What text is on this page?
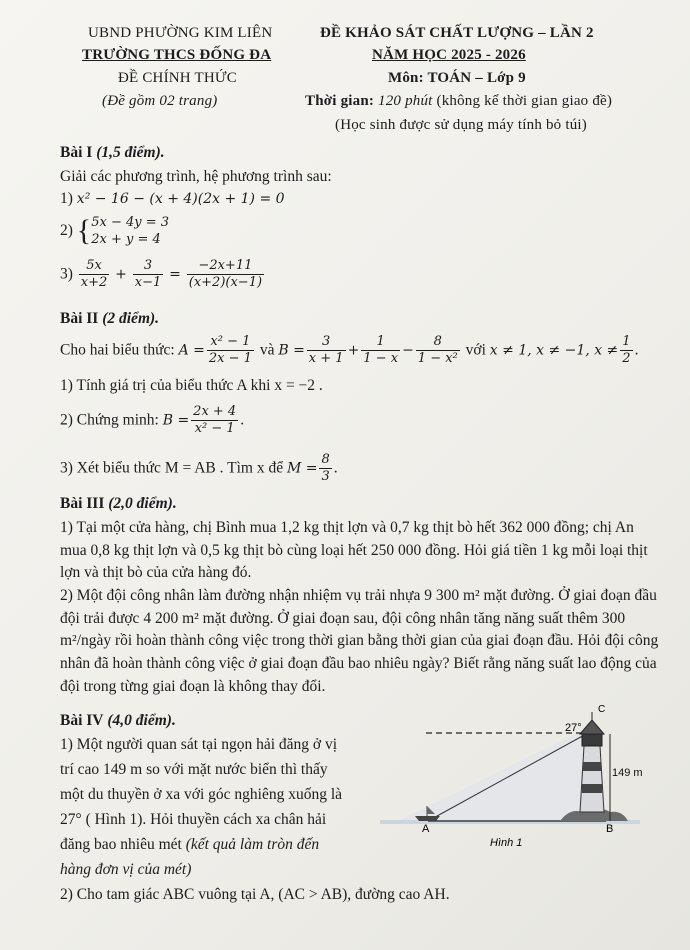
UBND PHƯỜNG KIM LIÊN
TRƯỜNG THCS ĐỐNG ĐA
ĐỀ CHÍNH THỨC
(Đề gồm 02 trang)
ĐỀ KHẢO SÁT CHẤT LƯỢNG – LẦN 2
NĂM HỌC 2025 - 2026
Môn: TOÁN – Lớp 9
Thời gian: 120 phút (không kể thời gian giao đề)
(Học sinh được sử dụng máy tính bỏ túi)
Bài I (1,5 điểm).
Giải các phương trình, hệ phương trình sau:
1) x² − 16 − (x + 4)(2x + 1) = 0
2) { 5x − 4y = 3
2x + y = 4
$3) \frac{5x}{x+2} + \frac{3}{x-1} = \frac{-2x+11}{(x+2)(x-1)}$
Bài II (2 điểm).
Cho hai biểu thức: $A = \frac{\text{x² − 1}}{2x - 1}$ và $B = \frac{3}{x + 1} + \frac{1}{1 - x} - \frac{8}{\text{1 − x²}}$ với x ≠ 1, x ≠ −1, $x \ne \frac{1}{2}$ .
1) Tính giá trị của biểu thức A khi x = −2 .
2) Chứng minh: $B = \frac{2x + 4}{\text{x² − 1}}$ .
3) Xét biểu thức M = AB . Tìm x để $M = \frac{8}{3}$ .
Bài III (2,0 điểm).
1) Tại một cửa hàng, chị Bình mua 1,2 kg thịt lợn và 0,7 kg thịt bò hết 362 000 đồng; chị An mua 0,8 kg thịt lợn và 0,5 kg thịt bò cùng loại hết 250 000 đồng. Hỏi giá tiền 1 kg mỗi loại thịt lợn và thịt bò của cửa hàng đó.
2) Một đội công nhân làm đường nhận nhiệm vụ trải nhựa 9 300 m² mặt đường. Ở giai đoạn đầu đội trải được 4 200 m² mặt đường. Ở giai đoạn sau, đội công nhân tăng năng suất thêm 300 m²/ngày rồi hoàn thành công việc trong thời gian bằng thời gian của giai đoạn đầu. Hỏi đội công nhân đã hoàn thành công việc ở giai đoạn đầu bao nhiêu ngày? Biết rằng năng suất lao động của đội trong từng giai đoạn là không thay đổi.
Bài IV (4,0 điểm).
1) Một người quan sát tại ngọn hải đăng ở vị
trí cao 149 m so với mặt nước biển thì thấy
một du thuyền ở xa với góc nghiêng xuống là
27° ( Hình 1). Hỏi thuyền cách xa chân hải
đăng bao nhiêu mét (kết quả làm tròn đến
hàng đơn vị của mét)
2) Cho tam giác ABC vuông tại A, (AC > AB), đường cao AH.
27°
149 m
A	B
C
Hình 1
